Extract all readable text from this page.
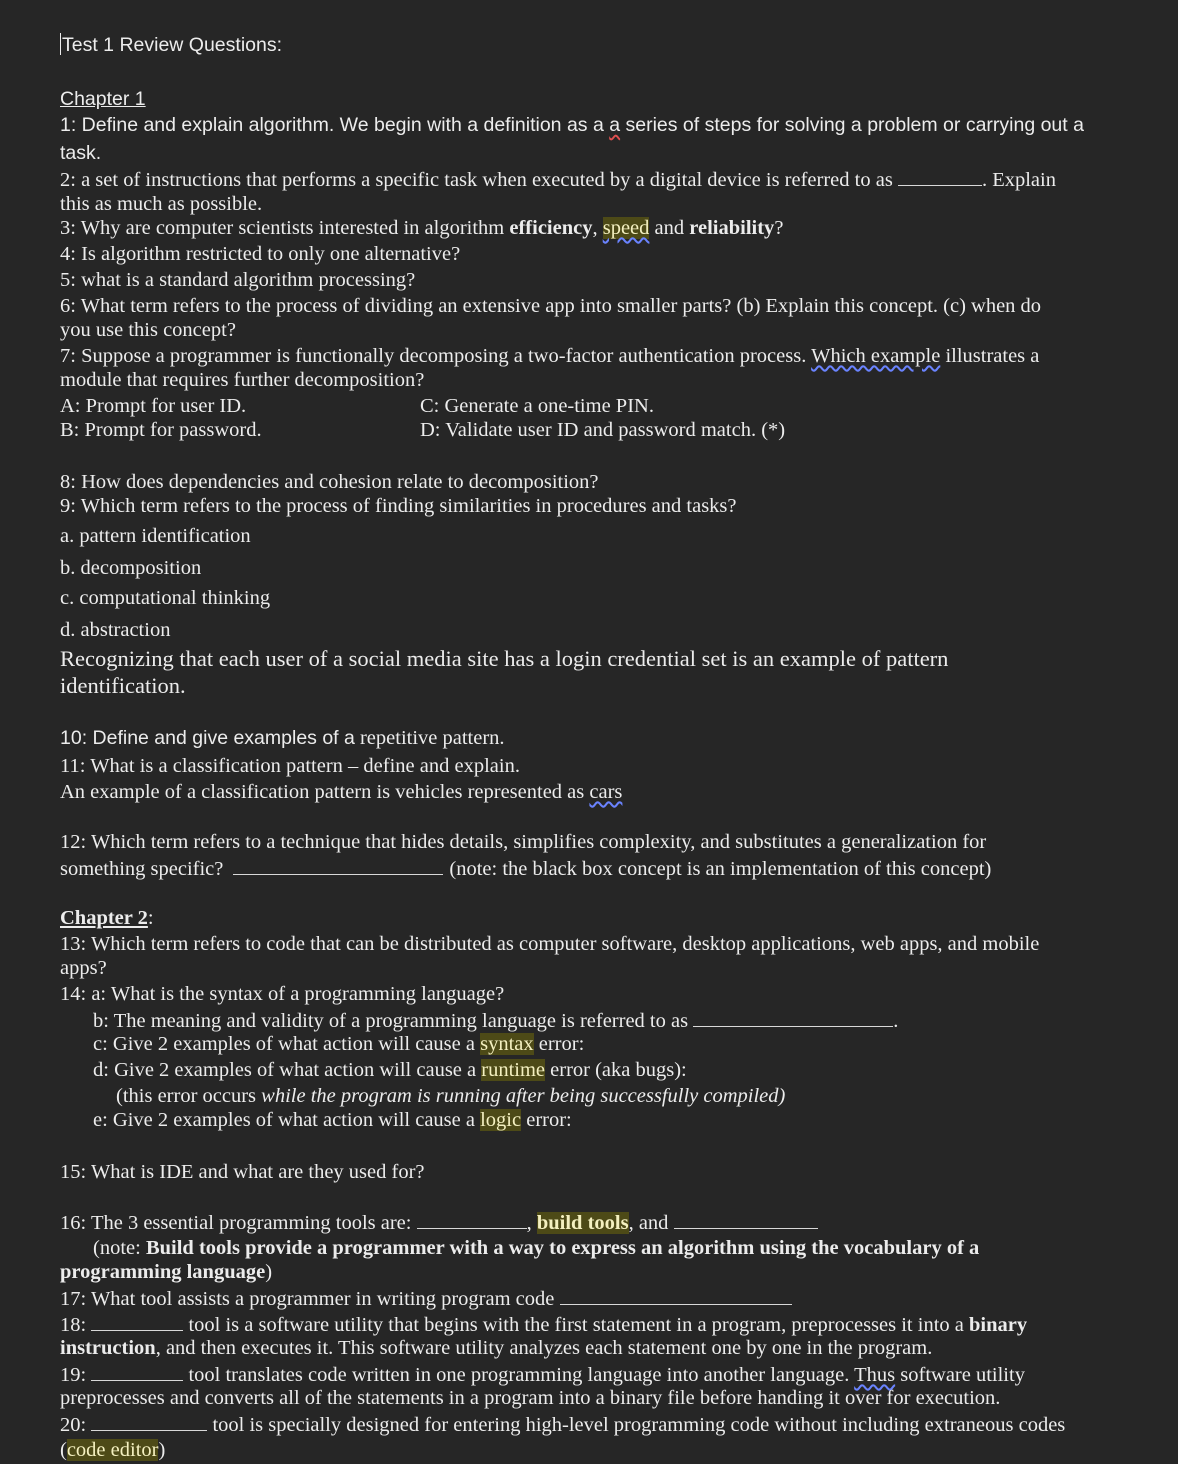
Test 1 Review Questions:
Chapter 1
1: Define and explain algorithm. We begin with a definition as a a series of steps for solving a problem or carrying out a
task.
2: a set of instructions that performs a specific task when executed by a digital device is referred to as	. Explain
this as much as possible.
3: Why are computer scientists interested in algorithm efficiency, speed and reliability?
4: Is algorithm restricted to only one alternative?
5: what is a standard algorithm processing?
6: What term refers to the process of dividing an extensive app into smaller parts? (b) Explain this concept. (c) when do
you use this concept?
7: Suppose a programmer is functionally decomposing a two-factor authentication process. Which example illustrates a
module that requires further decomposition?
A: Prompt for user ID.	C: Generate a one-time PIN.
B: Prompt for password.	D: Validate user ID and password match. (*)
8: How does dependencies and cohesion relate to decomposition?
9: Which term refers to the process of finding similarities in procedures and tasks?
a. pattern identification
b. decomposition
c. computational thinking
d. abstraction
Recognizing that each user of a social media site has a login credential set is an example of pattern
identification.
10: Define and give examples of a repetitive pattern.
11: What is a classification pattern – define and explain.
An example of a classification pattern is vehicles represented as cars
12: Which term refers to a technique that hides details, simplifies complexity, and substitutes a generalization for
something specific?	(note: the black box concept is an implementation of this concept)
Chapter 2:
13: Which term refers to code that can be distributed as computer software, desktop applications, web apps, and mobile
apps?
14: a: What is the syntax of a programming language?
b: The meaning and validity of a programming language is referred to as	.
c: Give 2 examples of what action will cause a syntax error:
d: Give 2 examples of what action will cause a runtime error (aka bugs):
(this error occurs while the program is running after being successfully compiled)
e: Give 2 examples of what action will cause a logic error:
15: What is IDE and what are they used for?
16: The 3 essential programming tools are:	, build tools, and
(note: Build tools provide a programmer with a way to express an algorithm using the vocabulary of a
programming language)
17: What tool assists a programmer in writing program code
18:	tool is a software utility that begins with the first statement in a program, preprocesses it into a binary
instruction, and then executes it. This software utility analyzes each statement one by one in the program.
19:	tool translates code written in one programming language into another language. Thus software utility
preprocesses and converts all of the statements in a program into a binary file before handing it over for execution.
20:	tool is specially designed for entering high-level programming code without including extraneous codes
(code editor)
